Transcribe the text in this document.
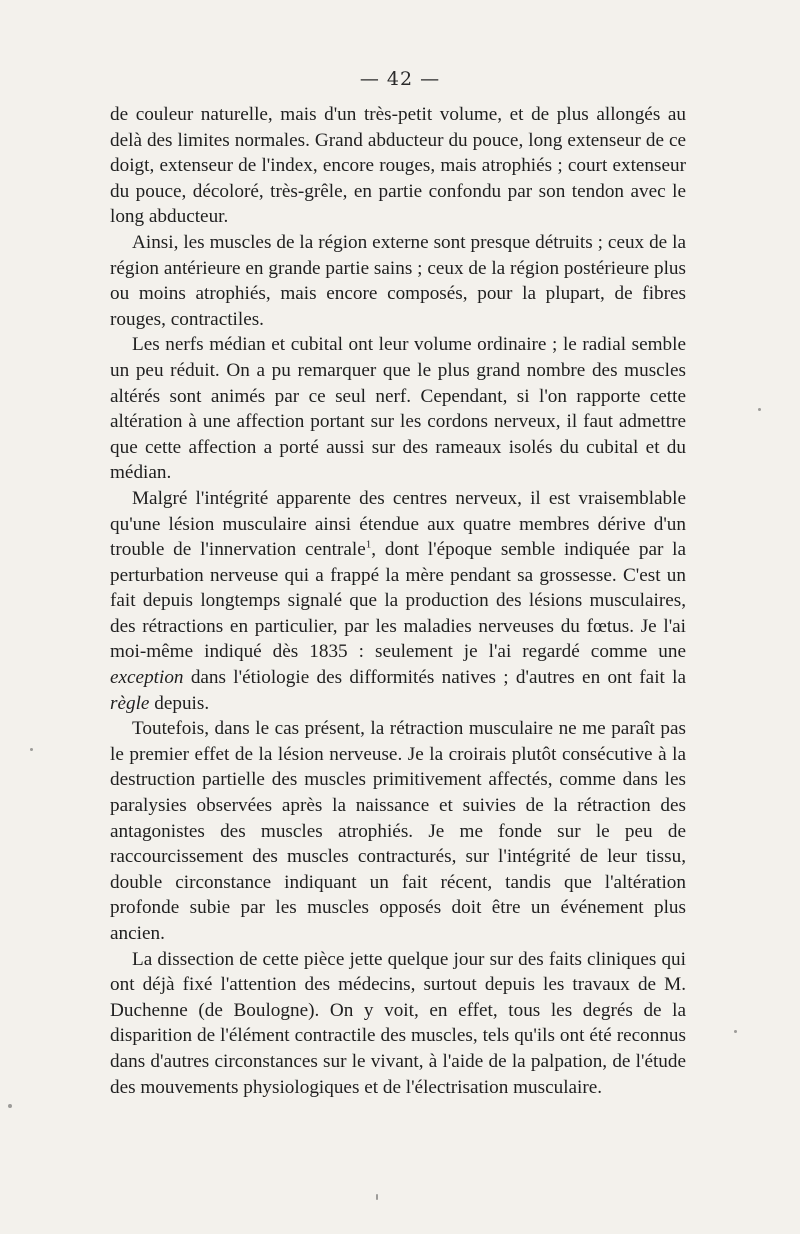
— 42 —

de couleur naturelle, mais d'un très-petit volume, et de plus allongés au delà des limites normales. Grand abducteur du pouce, long extenseur de ce doigt, extenseur de l'index, encore rouges, mais atrophiés ; court extenseur du pouce, décoloré, très-grêle, en partie confondu par son tendon avec le long abducteur.

Ainsi, les muscles de la région externe sont presque détruits ; ceux de la région antérieure en grande partie sains ; ceux de la région postérieure plus ou moins atrophiés, mais encore composés, pour la plupart, de fibres rouges, contractiles.

Les nerfs médian et cubital ont leur volume ordinaire ; le radial semble un peu réduit. On a pu remarquer que le plus grand nombre des muscles altérés sont animés par ce seul nerf. Cependant, si l'on rapporte cette altération à une affection portant sur les cordons nerveux, il faut admettre que cette affection a porté aussi sur des rameaux isolés du cubital et du médian.

Malgré l'intégrité apparente des centres nerveux, il est vraisemblable qu'une lésion musculaire ainsi étendue aux quatre membres dérive d'un trouble de l'innervation centrale$^1$, dont l'époque semble indiquée par la perturbation nerveuse qui a frappé la mère pendant sa grossesse. C'est un fait depuis longtemps signalé que la production des lésions musculaires, des rétractions en particulier, par les maladies nerveuses du fœtus. Je l'ai moi-même indiqué dès 1835 : seulement je l'ai regardé comme une exception dans l'étiologie des difformités natives ; d'autres en ont fait la règle depuis.

Toutefois, dans le cas présent, la rétraction musculaire ne me paraît pas le premier effet de la lésion nerveuse. Je la croirais plutôt consécutive à la destruction partielle des muscles primitivement affectés, comme dans les paralysies observées après la naissance et suivies de la rétraction des antagonistes des muscles atrophiés. Je me fonde sur le peu de raccourcissement des muscles contracturés, sur l'intégrité de leur tissu, double circonstance indiquant un fait récent, tandis que l'altération profonde subie par les muscles opposés doit être un événement plus ancien.

La dissection de cette pièce jette quelque jour sur des faits cliniques qui ont déjà fixé l'attention des médecins, surtout depuis les travaux de M. Duchenne (de Boulogne). On y voit, en effet, tous les degrés de la disparition de l'élément contractile des muscles, tels qu'ils ont été reconnus dans d'autres circonstances sur le vivant, à l'aide de la palpation, de l'étude des mouvements physiologiques et de l'électrisation musculaire.
